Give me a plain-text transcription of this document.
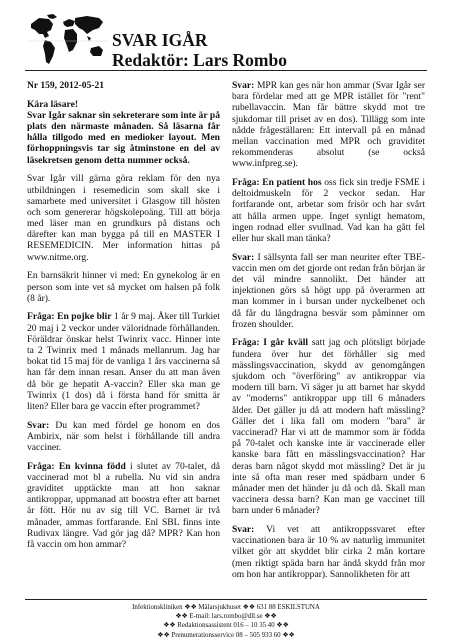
SVAR IGÅR
Redaktör: Lars Rombo

Nr 159, 2012-05-21

Kära läsare!

Svar Igår saknar sin sekreterare som inte är på plats den närmaste månaden. Så läsarna får hålla tillgodo med en medioker layout. Men förhoppningsvis tar sig åtminstone en del av läsekretsen genom detta nummer också.

Svar Igår vill gärna göra reklam för den nya utbildningen i resemedicin som skall ske i samarbete med universitet i Glasgow till hösten och som genererar högskolepoäng. Till att börja med läser man en grundkurs på distans och därefter kan man bygga på till en MASTER I RESEMEDICIN. Mer information hittas på www.nitme.org.

En barnsäkrit hinner vi med: En gynekolog är en person som inte vet så mycket om halsen på folk (8 år).

Fråga: En pojke blir 1 år 9 maj. Åker till Turkiet 20 maj i 2 veckor under väloridnade förhållanden. Föräldrar önskar helst Twinrix vacc. Hinner inte ta 2 Twinrix med 1 månads mellanrum. Jag har bokat tid 15 maj för de vanliga 1 års vaccinerna så han får dem innan resan. Anser du att man även då bör ge hepatit A-vaccin? Eller ska man ge Twinrix (1 dos) då i första hand för smitta är liten? Eller bara ge vaccin efter programmet?

Svar: Du kan med fördel ge honom en dos Ambirix, när som helst i förhållande till andra vacciner.

Fråga: En kvinna född i slutet av 70-talet, då vaccinerad mot bl a rubella. Nu vid sin andra graviditet upptäckte man att hon saknar antikroppar, uppmanad att boostra efter att barnet är fött. Hör nu av sig till VC. Barnet är två månader, ammas fortfarande. Enl SBL finns inte Rudivax längre. Vad gör jag då? MPR? Kan hon få vaccin om hon ammar?

Svar: MPR kan ges när hon ammar (Svar Igår ser bara fördelar med att ge MPR istället för "rent" rubellavaccin. Man får bättre skydd mot tre sjukdomar till priset av en dos). Tillägg som inte nådde frågeställaren: Ett intervall på en månad mellan vaccination med MPR och graviditet rekommenderas absolut (se också www.infpreg.se).

Fråga: En patient hos oss fick sin tredje FSME i deltoidmuskeln för 2 veckor sedan. Har fortfarande ont, arbetar som frisör och har svårt att hålla armen uppe. Inget synligt hematom, ingen rodnad eller svullnad. Vad kan ha gått fel eller hur skall man tänka?

Svar: I sällsynta fall ser man neuriter efter TBE-vaccin men om det gjorde ont redan från början är det väl mindre sannolikt. Det händer att injektionen görs så högt upp på överarmen att man kommer in i bursan under nyckelbenet och då får du långdragna besvär som påminner om frozen shoulder.

Fråga: I går kväll satt jag och plötsligt började fundera över hur det förhåller sig med mässlingsvaccination, skydd av genomgången sjukdom och "överföring" av antikroppar via modern till barn. Vi säger ju att barnet har skydd av "moderns" antikroppar upp till 6 månaders ålder. Det gäller ju då att modern haft mässling? Gäller det i lika fall om modern "bara" är vaccinerad? Har vi att de mammor som är födda på 70-talet och kanske inte är vaccinerade eller kanske bara fått en mässlingsvaccination? Har deras barn något skydd mot mässling? Det är ju inte så ofta man reser med spädbarn under 6 månader men det händer ju då och då. Skall man vaccinera dessa barn? Kan man ge vaccinet till barn under 6 månader?

Svar: Vi vet att antikroppssvaret efter vaccinationen bara är 10 % av naturlig immunitet vilket gör att skyddet blir cirka 2 mån kortare (men riktigt spädа barn har ändå skydd från mor om hon har antikroppar). Sannolikheten för att

Infektionskliniken ❖❖ Mälarsjukhuset ❖❖ 631 88 ESKILSTUNA
❖❖ E-mail: lars.rombo@dll.se ❖❖
❖❖ Redaktionsassistent 016 – 10 35 40 ❖❖
❖❖ Prenumerationsservice 08 – 505 933 60 ❖❖
